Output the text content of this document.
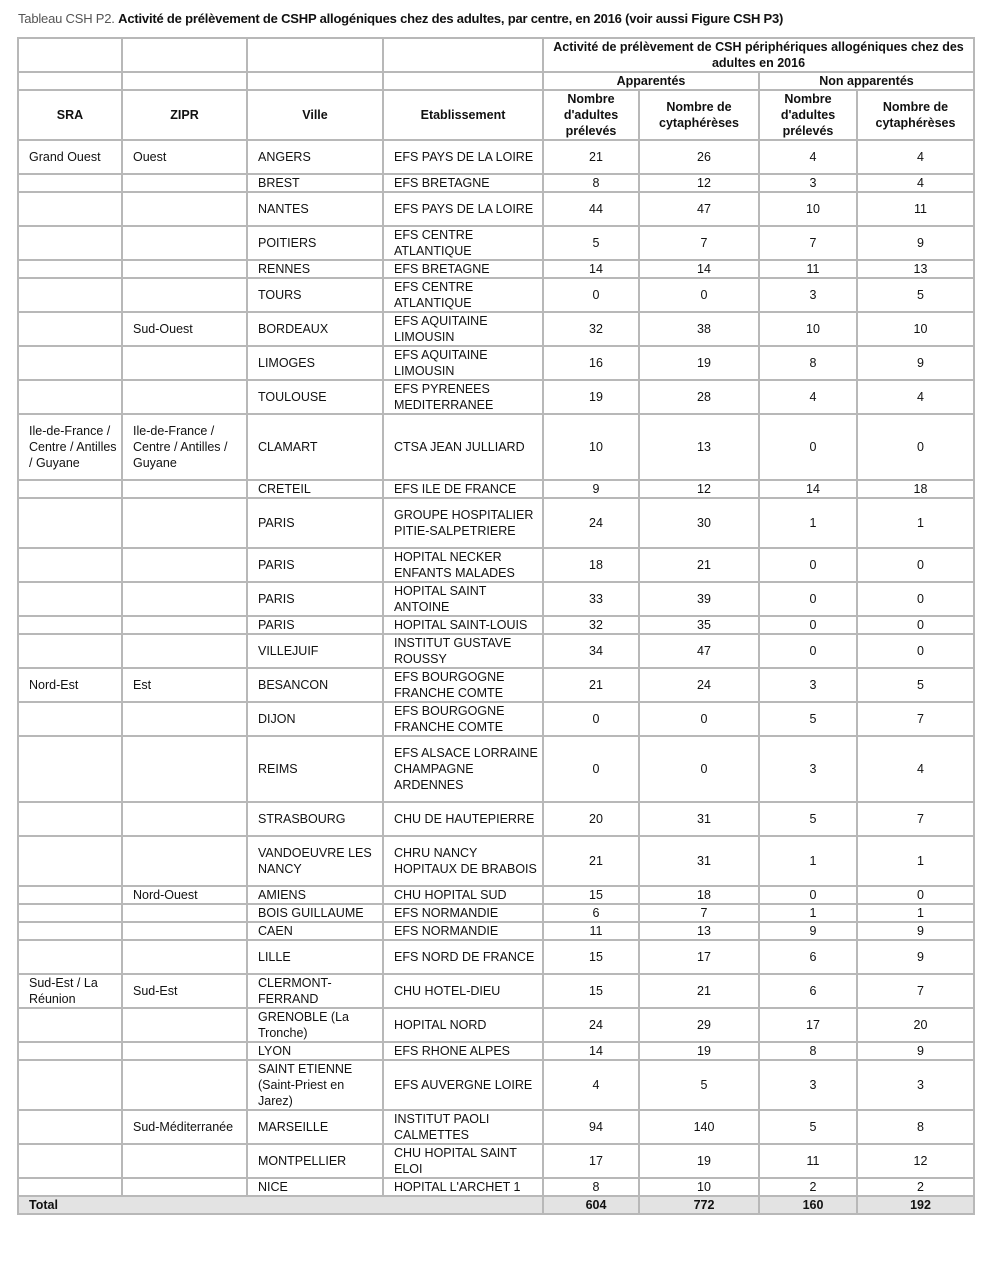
Tableau CSH P2. Activité de prélèvement de CSHP allogéniques chez des adultes, par centre, en 2016 (voir aussi Figure CSH P3)
				Activité de prélèvement de CSH périphériques allogéniques chez des adultes en 2016			
				Apparentés		Non apparentés	
SRA	ZIPR	Ville	Etablissement	Nombre d'adultes prélevés	Nombre de cytaphérèses	Nombre d'adultes prélevés	Nombre de cytaphérèses
Grand Ouest	Ouest	ANGERS	EFS PAYS DE LA LOIRE	21	26	4	4
		BREST	EFS BRETAGNE	8	12	3	4
		NANTES	EFS PAYS DE LA LOIRE	44	47	10	11
		POITIERS	EFS CENTRE ATLANTIQUE	5	7	7	9
		RENNES	EFS BRETAGNE	14	14	11	13
		TOURS	EFS CENTRE ATLANTIQUE	0	0	3	5
	Sud-Ouest	BORDEAUX	EFS AQUITAINE LIMOUSIN	32	38	10	10
		LIMOGES	EFS AQUITAINE LIMOUSIN	16	19	8	9
		TOULOUSE	EFS PYRENEES MEDITERRANEE	19	28	4	4
Ile-de-France / Centre / Antilles / Guyane	Ile-de-France / Centre / Antilles / Guyane	CLAMART	CTSA JEAN JULLIARD	10	13	0	0
		CRETEIL	EFS ILE DE FRANCE	9	12	14	18
		PARIS	GROUPE HOSPITALIER PITIE-SALPETRIERE	24	30	1	1
		PARIS	HOPITAL NECKER ENFANTS MALADES	18	21	0	0
		PARIS	HOPITAL SAINT ANTOINE	33	39	0	0
		PARIS	HOPITAL SAINT-LOUIS	32	35	0	0
		VILLEJUIF	INSTITUT GUSTAVE ROUSSY	34	47	0	0
Nord-Est	Est	BESANCON	EFS BOURGOGNE FRANCHE COMTE	21	24	3	5
		DIJON	EFS BOURGOGNE FRANCHE COMTE	0	0	5	7
		REIMS	EFS ALSACE LORRAINE CHAMPAGNE ARDENNES	0	0	3	4
		STRASBOURG	CHU DE HAUTEPIERRE	20	31	5	7
		VANDOEUVRE LES NANCY	CHRU NANCY HOPITAUX DE BRABOIS	21	31	1	1
	Nord-Ouest	AMIENS	CHU HOPITAL SUD	15	18	0	0
		BOIS GUILLAUME	EFS NORMANDIE	6	7	1	1
		CAEN	EFS NORMANDIE	11	13	9	9
		LILLE	EFS NORD DE FRANCE	15	17	6	9
Sud-Est / La Réunion	Sud-Est	CLERMONT-FERRAND	CHU HOTEL-DIEU	15	21	6	7
		GRENOBLE (La Tronche)	HOPITAL NORD	24	29	17	20
		LYON	EFS RHONE ALPES	14	19	8	9
		SAINT ETIENNE (Saint-Priest en Jarez)	EFS AUVERGNE LOIRE	4	5	3	3
	Sud-Méditerranée	MARSEILLE	INSTITUT PAOLI CALMETTES	94	140	5	8
		MONTPELLIER	CHU HOPITAL SAINT ELOI	17	19	11	12
		NICE	HOPITAL L'ARCHET 1	8	10	2	2
Total				604	772	160	192
